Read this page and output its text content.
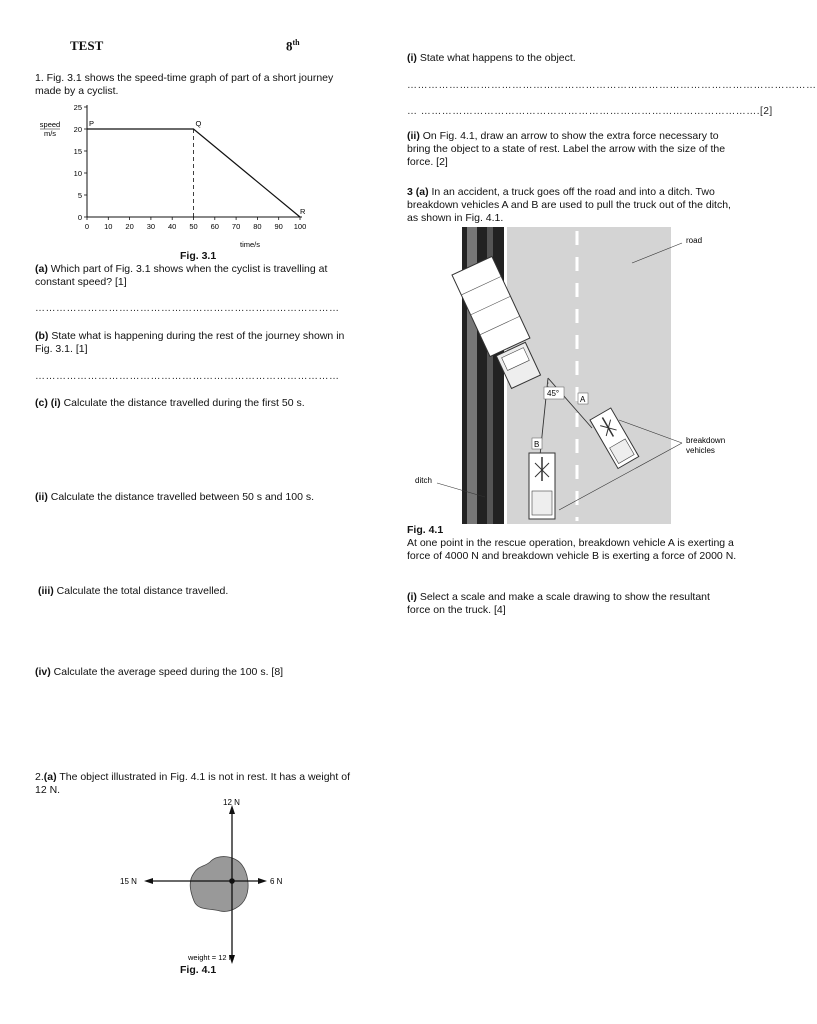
TEST	8th
1. Fig. 3.1 shows the speed-time graph of part of a short journey made by a cyclist.
0 10 20 30 40 50 60 70 80 90 100
0
5
10
15
20
25
P	Q
R
speed
m/s
time/s
Fig. 3.1
(a) Which part of Fig. 3.1 shows when the cyclist is travelling at constant speed? [1]
……………………………………………………………………………
(b) State what is happening during the rest of the journey shown in Fig. 3.1. [1]
……………………………………………………………………………
(c) (i) Calculate the distance travelled during the first 50 s.
(ii) Calculate the distance travelled between 50 s and 100 s.
(iii) Calculate the total distance travelled.
(iv) Calculate the average speed during the 100 s. [8]
2.(a) The object illustrated in Fig. 4.1 is not in rest. It has a weight of 12 N.
12 N
15 N	6 N
weight = 12 N
Fig. 4.1
(i) State what happens to the object.
………………………………………………………………………………………………………
… …………………………………………………………………………………….[2]
(ii) On Fig. 4.1, draw an arrow to show the extra force necessary to bring the object to a state of rest. Label the arrow with the size of the force. [2]
3 (a) In an accident, a truck goes off the road and into a ditch. Two breakdown vehicles A and B are used to pull the truck out of the ditch, as shown in Fig. 4.1.
45°
A
B
road
breakdown
vehicles
ditch
Fig. 4.1
At one point in the rescue operation, breakdown vehicle A is exerting a force of 4000 N and breakdown vehicle B is exerting a force of 2000 N.
(i) Select a scale and make a scale drawing to show the resultant force on the truck. [4]
